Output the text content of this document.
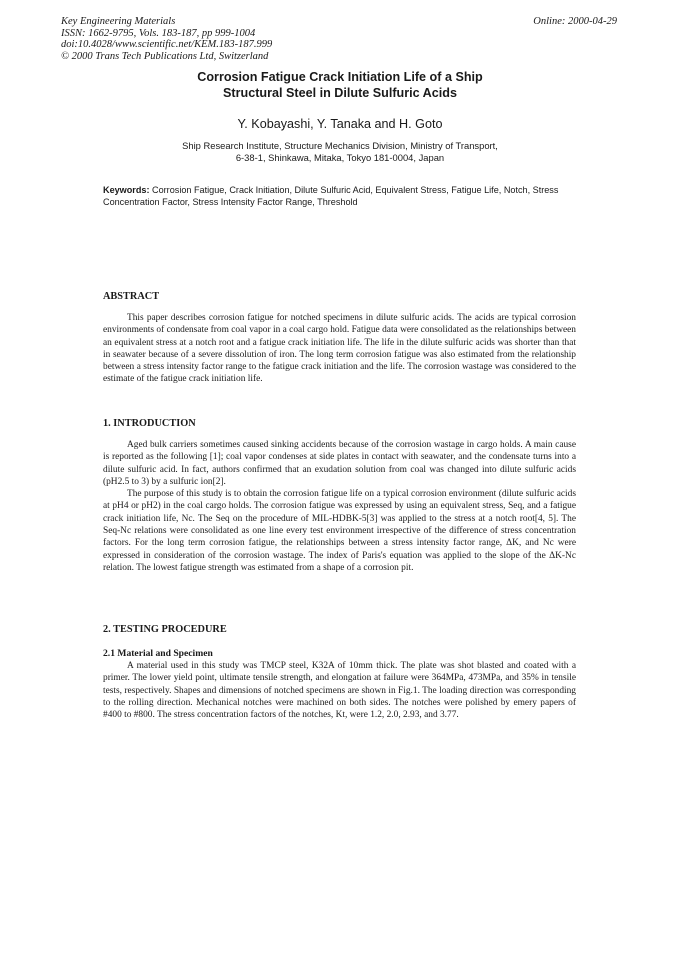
Key Engineering Materials
ISSN: 1662-9795, Vols. 183-187, pp 999-1004
doi:10.4028/www.scientific.net/KEM.183-187.999
© 2000 Trans Tech Publications Ltd, Switzerland
Online: 2000-04-29
Corrosion Fatigue Crack Initiation Life of a Ship
Structural Steel in Dilute Sulfuric Acids
Y. Kobayashi, Y. Tanaka and H. Goto
Ship Research Institute, Structure Mechanics Division, Ministry of Transport,
6-38-1, Shinkawa, Mitaka, Tokyo 181-0004, Japan
Keywords: Corrosion Fatigue, Crack Initiation, Dilute Sulfuric Acid, Equivalent Stress, Fatigue Life, Notch, Stress Concentration Factor, Stress Intensity Factor Range, Threshold

ABSTRACT

This paper describes corrosion fatigue for notched specimens in dilute sulfuric acids. The acids are typical corrosion environments of condensate from coal vapor in a coal cargo hold. Fatigue data were consolidated as the relationships between an equivalent stress at a notch root and a fatigue crack initiation life. The life in the dilute sulfuric acids was shorter than that in seawater because of a severe dissolution of iron. The long term corrosion fatigue was also estimated from the relationship between a stress intensity factor range to the fatigue crack initiation and the life. The corrosion wastage was considered to the estimate of the fatigue crack initiation life.

1. INTRODUCTION

Aged bulk carriers sometimes caused sinking accidents because of the corrosion wastage in cargo holds. A main cause is reported as the following [1]; coal vapor condenses at side plates in contact with seawater, and the condensate turns into a dilute sulfuric acid. In fact, authors confirmed that an exudation solution from coal was changed into dilute sulfuric acids (pH2.5 to 3) by a sulfuric ion[2].

The purpose of this study is to obtain the corrosion fatigue life on a typical corrosion environment (dilute sulfuric acids at pH4 or pH2) in the coal cargo holds. The corrosion fatigue was expressed by using an equivalent stress, Seq, and a fatigue crack initiation life, Nc. The Seq on the procedure of MIL-HDBK-5[3] was applied to the stress at a notch root[4, 5]. The Seq-Nc relations were consolidated as one line every test environment irrespective of the difference of stress concentration factors. For the long term corrosion fatigue, the relationships between a stress intensity factor range, ΔK, and Nc were expressed in consideration of the corrosion wastage. The index of Paris's equation was applied to the slope of the ΔK-Nc relation. The lowest fatigue strength was estimated from a shape of a corrosion pit.

2. TESTING PROCEDURE

2.1 Material and Specimen

A material used in this study was TMCP steel, K32A of 10mm thick. The plate was shot blasted and coated with a primer. The lower yield point, ultimate tensile strength, and elongation at failure were 364MPa, 473MPa, and 35% in tensile tests, respectively. Shapes and dimensions of notched specimens are shown in Fig.1. The loading direction was corresponding to the rolling direction. Mechanical notches were machined on both sides. The notches were polished by emery papers of #400 to #800. The stress concentration factors of the notches, Kt, were 1.2, 2.0, 2.93, and 3.77.
